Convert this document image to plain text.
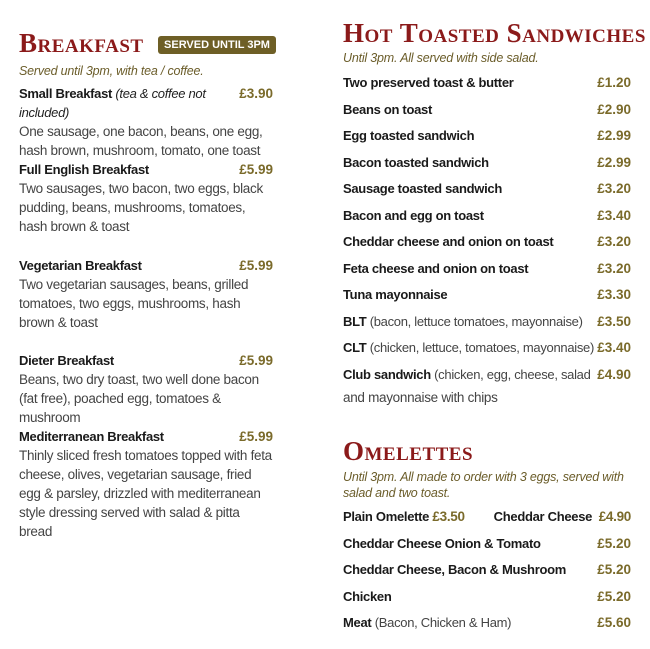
Breakfast SERVED UNTIL 3PM
Served until 3pm, with tea / coffee.
Small Breakfast (tea & coffee not included)
£3.90
One sausage, one bacon, beans, one egg, hash brown, mushroom, tomato, one toast
Full English Breakfast	£5.99
Two sausages, two bacon, two eggs, black pudding, beans, mushrooms, tomatoes, hash brown & toast
Vegetarian Breakfast	£5.99
Two vegetarian sausages, beans, grilled tomatoes, two eggs, mushrooms, hash brown & toast
Dieter Breakfast	£5.99
Beans, two dry toast, two well done bacon (fat free), poached egg, tomatoes & mushroom
Mediterranean Breakfast	£5.99
Thinly sliced fresh tomatoes topped with feta cheese, olives, vegetarian sausage, fried egg & parsley, drizzled with mediterranean style dressing served with salad & pitta bread
Hot Toasted Sandwiches
Until 3pm. All served with side salad.
Two preserved toast & butter	£1.20
Beans on toast	£2.90
Egg toasted sandwich	£2.99
Bacon toasted sandwich	£2.99
Sausage toasted sandwich	£3.20
Bacon and egg on toast	£3.40
Cheddar cheese and onion on toast	£3.20
Feta cheese and onion on toast	£3.20
Tuna mayonnaise	£3.30
BLT (bacon, lettuce tomatoes, mayonnaise) £3.50
CLT (chicken, lettuce, tomatoes, mayonnaise) £3.40
Club sandwich (chicken, egg, cheese, salad £4.90
and mayonnaise with chips
Omelettes
Until 3pm. All made to order with 3 eggs, served with salad and two toast.
Plain Omelette £3.50 Cheddar Cheese £4.90
Cheddar Cheese Onion & Tomato	£5.20
Cheddar Cheese, Bacon & Mushroom £5.20
Chicken	£5.20
Meat (Bacon, Chicken & Ham)	£5.60
